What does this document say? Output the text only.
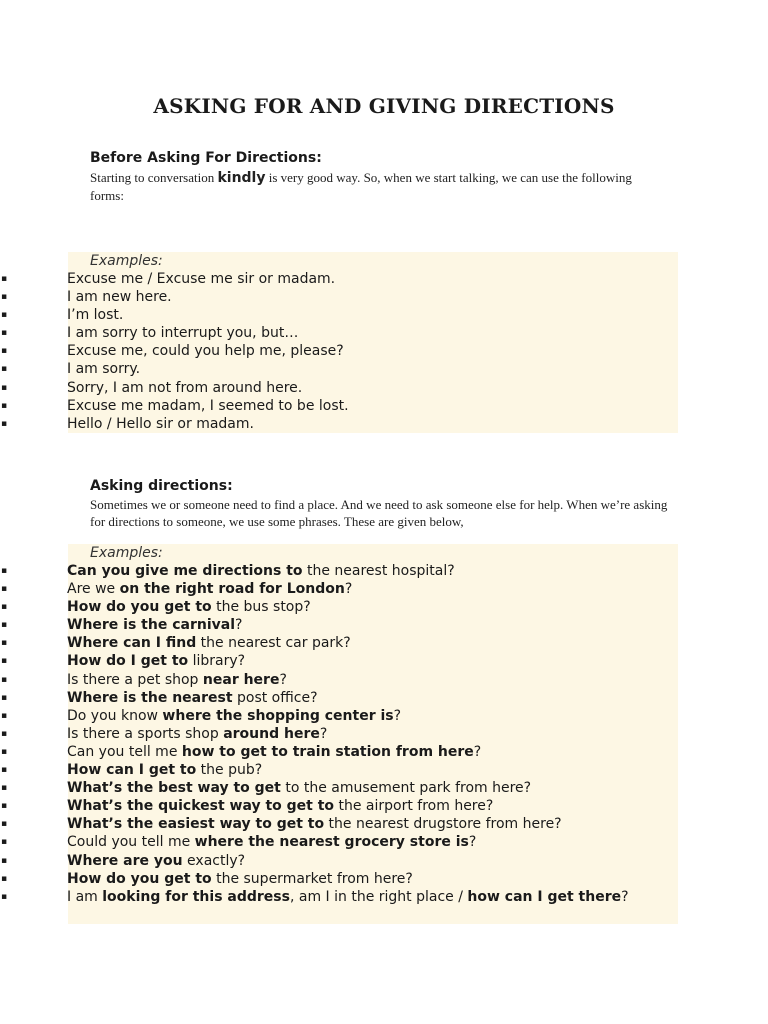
ASKING FOR AND GIVING DIRECTIONS
Before Asking For Directions:
Starting to conversation kindly is very good way. So, when we start talking, we can use the following forms:
Examples:
▪	Excuse me / Excuse me sir or madam.
▪	I am new here.
▪	I’m lost.
▪	I am sorry to interrupt you, but…
▪	Excuse me, could you help me, please?
▪	I am sorry.
▪	Sorry, I am not from around here.
▪	Excuse me madam, I seemed to be lost.
▪	Hello / Hello sir or madam.
Asking directions:
Sometimes we or someone need to find a place. And we need to ask someone else for help. When we’re asking for directions to someone, we use some phrases. These are given below,
Examples:
▪	Can you give me directions to the nearest hospital?
▪	Are we on the right road for London?
▪	How do you get to the bus stop?
▪	Where is the carnival?
▪	Where can I find the nearest car park?
▪	How do I get to library?
▪	Is there a pet shop near here?
▪	Where is the nearest post office?
▪	Do you know where the shopping center is?
▪	Is there a sports shop around here?
▪	Can you tell me how to get to train station from here?
▪	How can I get to the pub?
▪	What’s the best way to get to the amusement park from here?
▪	What’s the quickest way to get to the airport from here?
▪	What’s the easiest way to get to the nearest drugstore from here?
▪	Could you tell me where the nearest grocery store is?
▪	Where are you exactly?
▪	How do you get to the supermarket from here?
▪	I am looking for this address, am I in the right place / how can I get there?
